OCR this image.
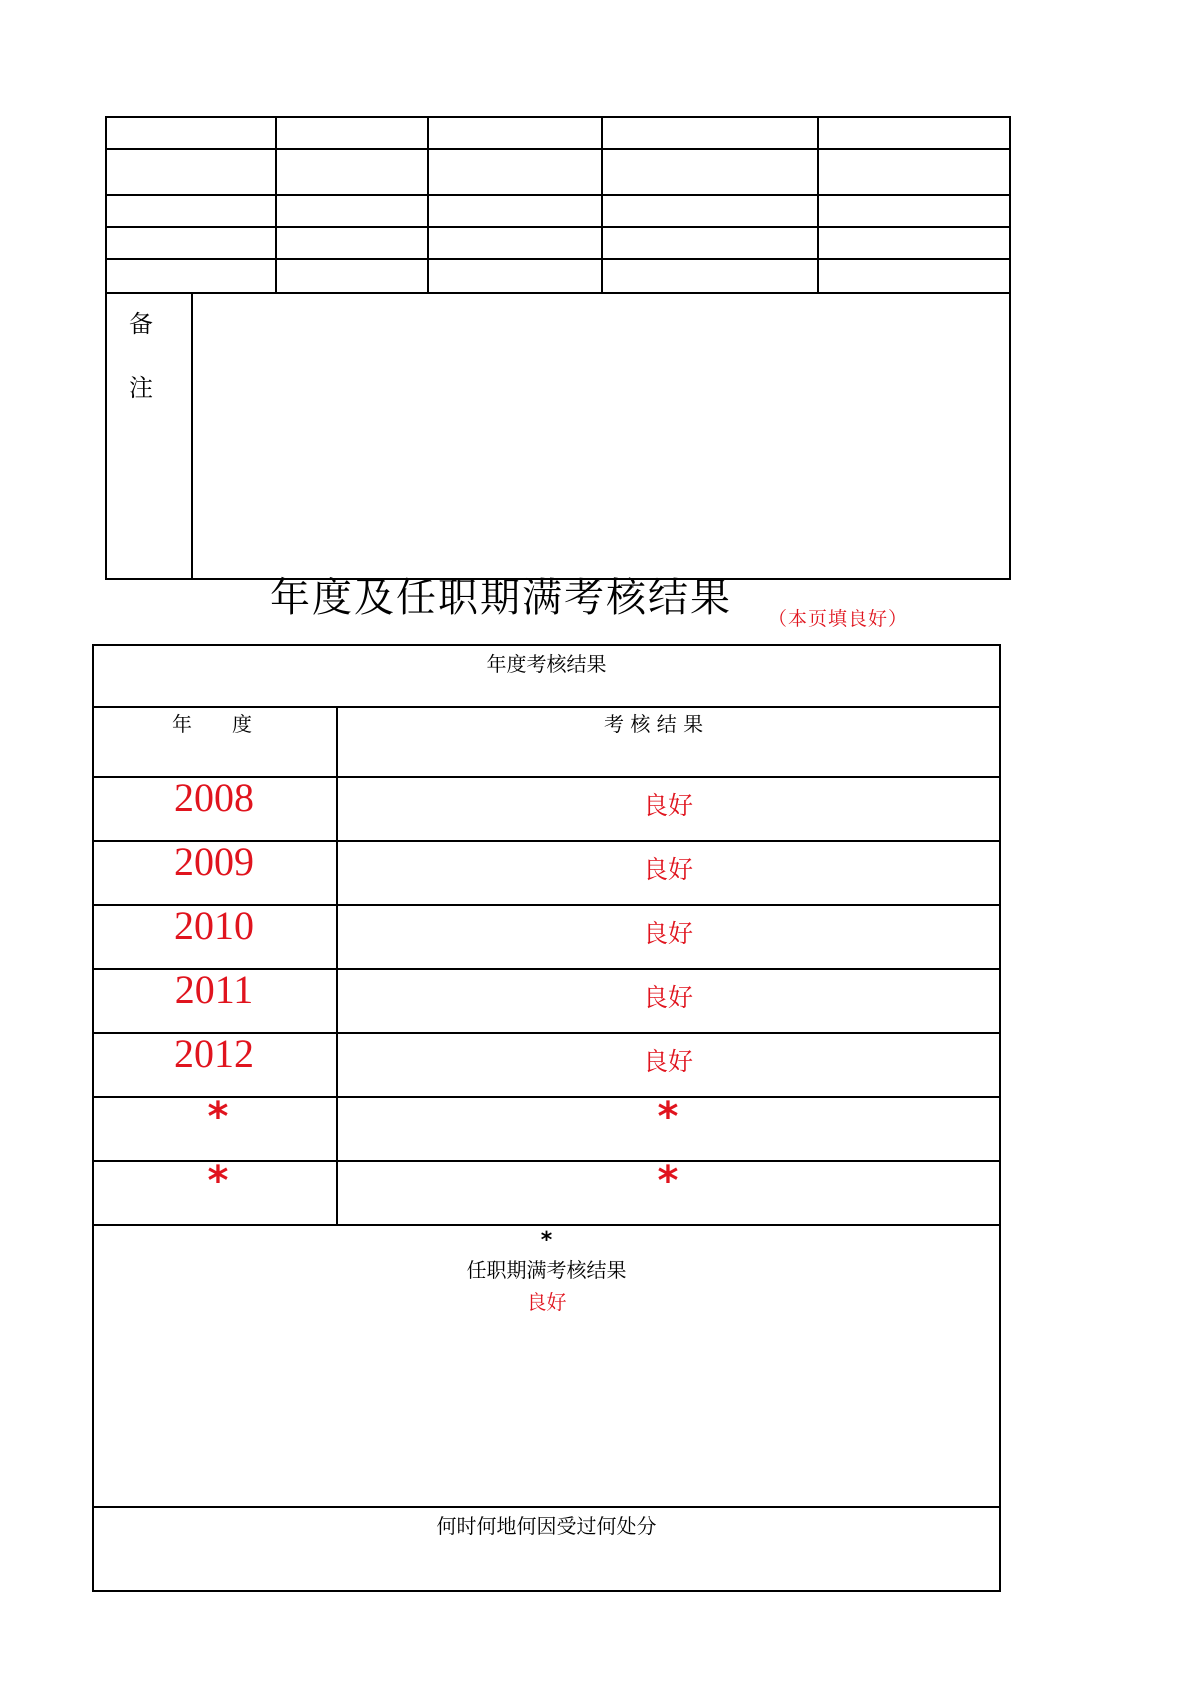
备
注
年度及任职期满考核结果 （本页填良好）
年度考核结果
年　　度	考 核 结 果
2008	良好
2009	良好
2010	良好
2011	良好
2012	良好
*	*
*	*
*
任职期满考核结果
良好
何时何地何因受过何处分
